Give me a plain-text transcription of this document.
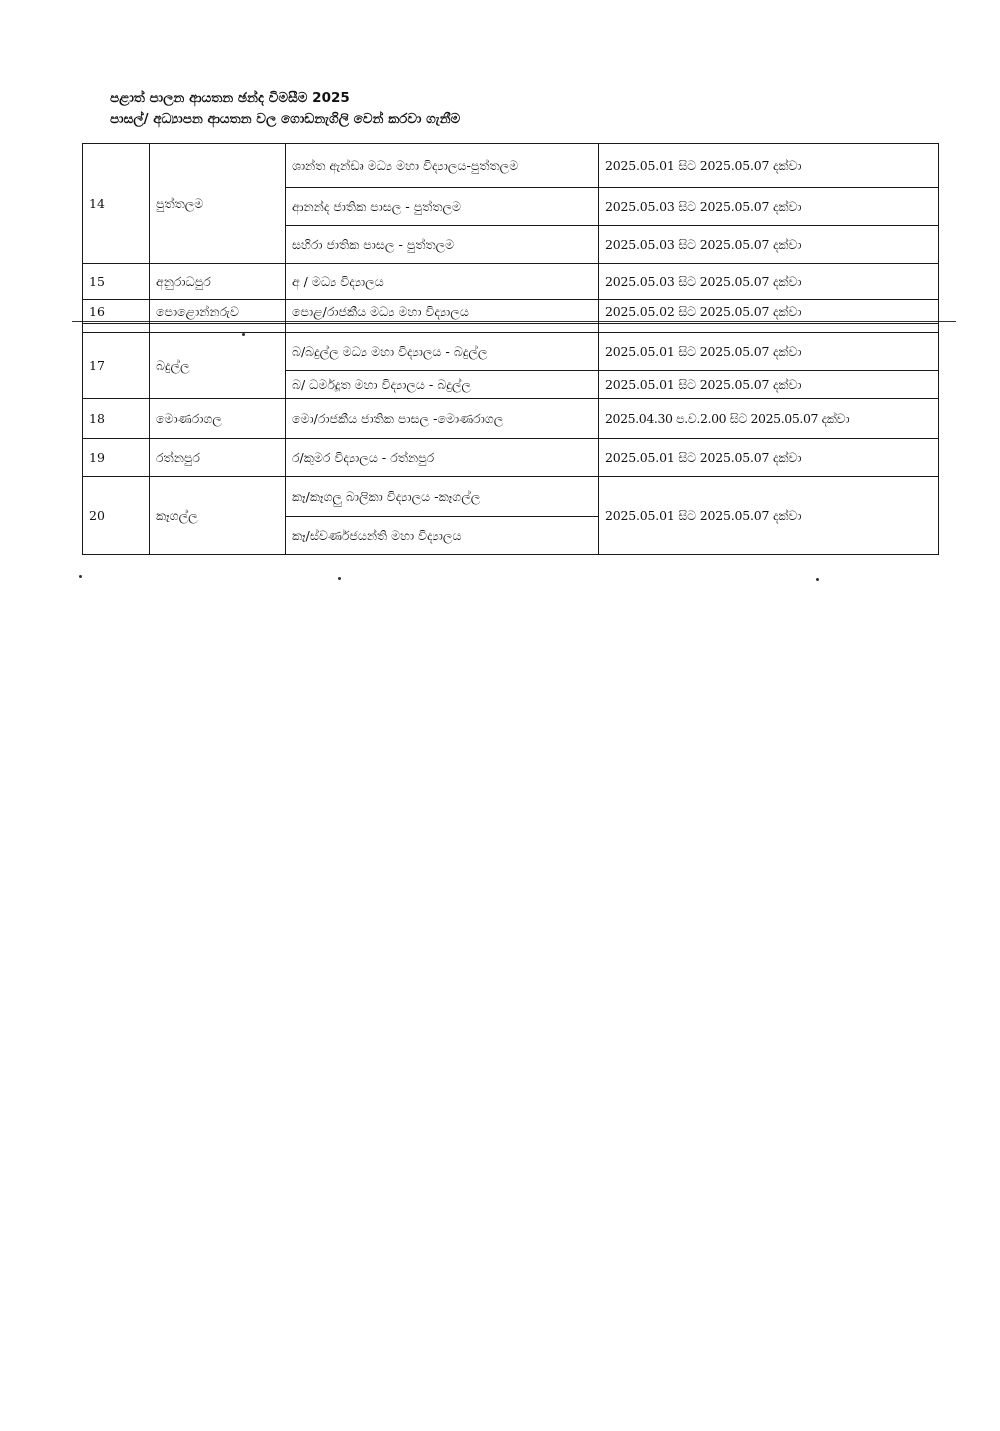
පළාත් පාලන ආයතන ඡන්ද විමසීම 2025
පාසල්/ අධ්‍යාපන ආයතන වල ගොඩනැගිලි වෙන් කරවා ගැනීම
14	පුත්තලම	ශාන්ත ඇන්ඩෘ මධ්‍ය මහා විද්‍යාලය-පුත්තලම	2025.05.01 සිට 2025.05.07 දක්වා
		ආනන්ද ජාතික පාසල - පුත්තලම	2025.05.03 සිට 2025.05.07 දක්වා
		සහිරා ජාතික පාසල - පුත්තලම	2025.05.03 සිට 2025.05.07 දක්වා
15	අනුරාධපුර	අ / මධ්‍ය විද්‍යාලය	2025.05.03 සිට 2025.05.07 දක්වා
16	පොළොන්නරුව	පොළ/රාජකීය මධ්‍ය මහා විද්‍යාලය	2025.05.02 සිට 2025.05.07 දක්වා

17	බදුල්ල	බ/බදුල්ල මධ්‍ය මහා විද්‍යාලය - බදුල්ල	2025.05.01 සිට 2025.05.07 දක්වා
		බ/ ධර්මදූත මහා විද්‍යාලය - බදුල්ල	2025.05.01 සිට 2025.05.07 දක්වා
18	මොණරාගල	මො/රාජකීය ජාතික පාසල -මොණරාගල	2025.04.30 ප.ව.2.00 සිට 2025.05.07 දක්වා
19	රත්නපුර	ර/කුමර විද්‍යාලය - රත්නපුර	2025.05.01 සිට 2025.05.07 දක්වා
20	කෑගල්ල	කෑ/කෑගලු බාලිකා විද්‍යාලය -කෑගල්ල	2025.05.01 සිට 2025.05.07 දක්වා
		කෑ/ස්වර්ණජයන්ති මහා විද්‍යාලය	
